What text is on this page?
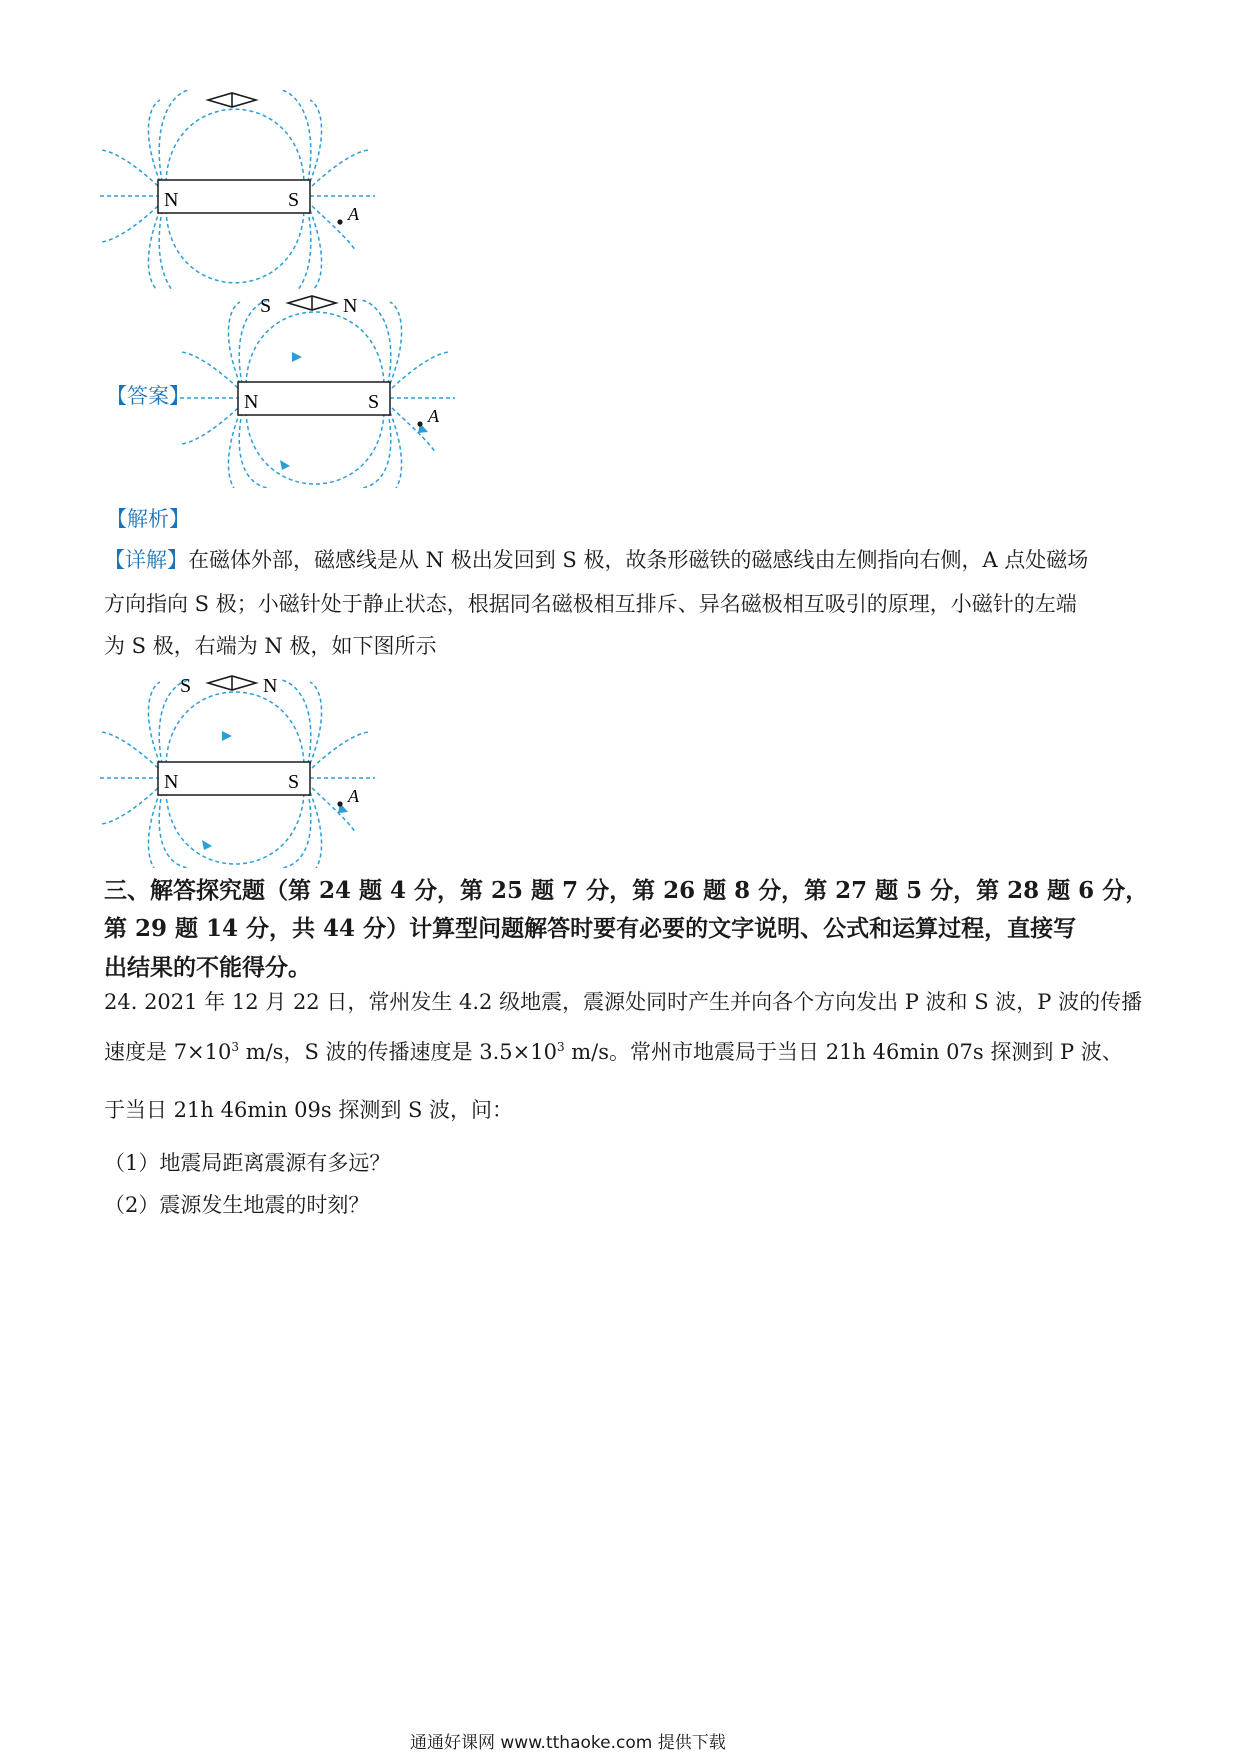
N	S
A
【答案】
S	N
N	S
A
【解析】
【详解】在磁体外部，磁感线是从 N 极出发回到 S 极，故条形磁铁的磁感线由左侧指向右侧，A 点处磁场
方向指向 S 极；小磁针处于静止状态，根据同名磁极相互排斥、异名磁极相互吸引的原理，小磁针的左端
为 S 极，右端为 N 极，如下图所示
S	N
N	S
A
三、解答探究题（第 24 题 4 分，第 25 题 7 分，第 26 题 8 分，第 27 题 5 分，第 28 题 6 分，
第 29 题 14 分，共 44 分）计算型问题解答时要有必要的文字说明、公式和运算过程，直接写
出结果的不能得分。
24. 2021 年 12 月 22 日，常州发生 4.2 级地震，震源处同时产生并向各个方向发出 P 波和 S 波，P 波的传播
速度是 $7\times 10^3$ m/s，S 波的传播速度是 $3.5\times 10^3$ m/s。常州市地震局于当日 21h 46min 07s 探测到 P 波、
于当日 21h 46min 09s 探测到 S 波，问：
（1）地震局距离震源有多远？
（2）震源发生地震的时刻？
通通好课网 www.tthaoke.com 提供下载
